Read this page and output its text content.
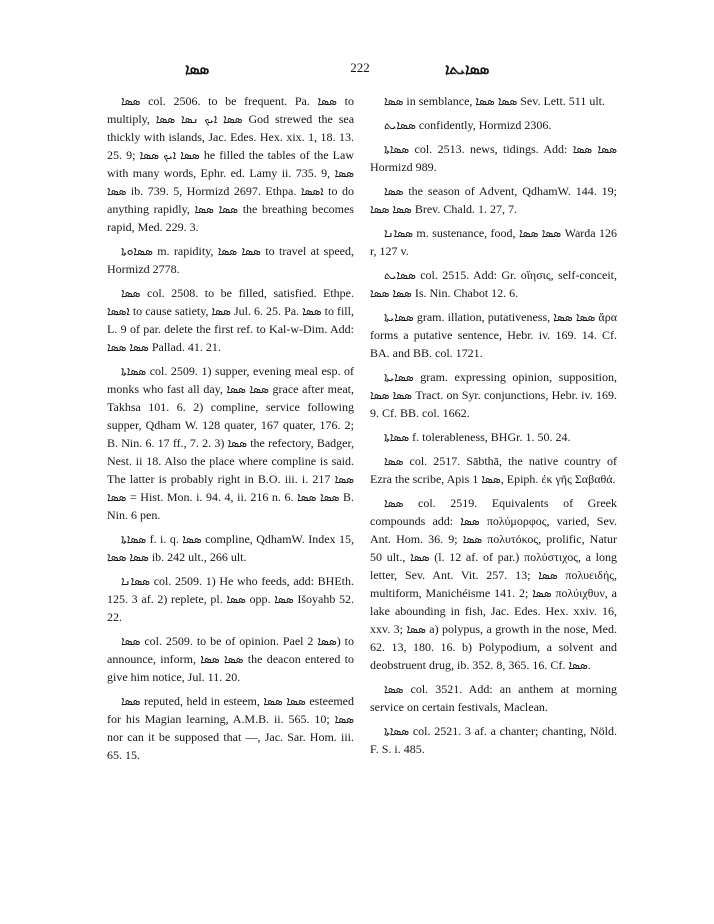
ܣܣܐ	222	ܣܣܐܝܬܐ

ܣܣܐ col. 2506. to be frequent. Pa. ܣܣܐ to multiply, ܣܣܐ ܐܝܟ ܢܣܐ ܣܣܐ God strewed the sea thickly with islands, Jac. Edes. Hex. xix. 1, 18. 13. 25. 9; ܣܣܐ ܐܝܟ ܣܣܐ he filled the tables of the Law with many words, Ephr. ed. Lamy ii. 735. 9, ܣܣܐ ܣܣܐ ib. 739. 5, Hormizd 2697. Ethpa. ܐܣܣܐ to do anything rapidly, ܣܣܐ ܣܣܐ the breathing becomes rapid, Med. 229. 3.

ܣܣܐܘܬܐ m. rapidity, ܣܣܐ ܣܣܐ to travel at speed, Hormizd 2778.

ܣܣܐ col. 2508. to be filled, satisfied. Ethpe. ܐܣܣܐ to cause satiety, ܣܣܐ Jul. 6. 25. Pa. ܣܣܐ to fill, L. 9 of par. delete the first ref. to Kal-w-Dim. Add: ܣܣܐ ܣܣܐ Pallad. 41. 21.

ܣܣܐܬܐ col. 2509. 1) supper, evening meal esp. of monks who fast all day, ܣܣܐ ܣܣܐ grace after meat, Takhsa 101. 6. 2) compline, service following supper, Qdham W. 128 quater, 167 quater, 176. 2; B. Nin. 6. 17 ff., 7. 2. 3) ܣܣܐ the refectory, Badger, Nest. ii 18. Also the place where compline is said. The latter is probably right in B.O. iii. i. 217 ܣܣܐ ܣܣܐ = Hist. Mon. i. 94. 4, ii. 216 n. 6. ܣܣܐ ܣܣܐ B. Nin. 6 pen.

ܣܣܐܬܐ f. i. q. ܣܣܐ compline, QdhamW. Index 15, ܣܣܐ ܣܣܐ ib. 242 ult., 266 ult.

ܣܣܐܢܐ col. 2509. 1) He who feeds, add: BHEth. 125. 3 af. 2) replete, pl. ܣܣܐ opp. ܣܣܐ Išoyahb 52. 22.

ܣܣܐ col. 2509. to be of opinion. Pael ܣܣܐ 2) to announce, inform, ܣܣܐ ܣܣܐ the deacon entered to give him notice, Jul. 11. 20.

ܣܣܐ reputed, held in esteem, ܣܣܐ ܣܣܐ esteemed for his Magian learning, A.M.B. ii. 565. 10; ܣܣܐ nor can it be supposed that —, Jac. Sar. Hom. iii. 65. 15.

ܣܣܐ in semblance, ܣܣܐ ܣܣܐ Sev. Lett. 511 ult.

ܣܣܐܝܬ confidently, Hormizd 2306.

ܣܣܐܬܐ col. 2513. news, tidings. Add: ܣܣܐ ܣܣܐ Hormizd 989.

ܣܣܐ the season of Advent, QdhamW. 144. 19; ܣܣܐ ܣܣܐ Brev. Chald. 1. 27, 7.

ܣܣܐܢܐ m. sustenance, food, ܣܣܐ ܣܣܐ Warda 126 r, 127 v.

ܣܣܐܝܬ col. 2515. Add: Gr. οἴησις, self-conceit, ܣܣܐ ܣܣܐ Is. Nin. Chabot 12. 6.

ܣܣܐܝܬܐ gram. illation, putativeness, ܣܣܐ ܣܣܐ ἄρα forms a putative sentence, Hebr. iv. 169. 14. Cf. BA. and BB. col. 1721.

ܣܣܐܝܬܐ gram. expressing opinion, supposition, ܣܣܐ ܣܣܐ Tract. on Syr. conjunctions, Hebr. iv. 169. 9. Cf. BB. col. 1662.

ܣܣܐܬܐ f. tolerableness, BHGr. 1. 50. 24.

ܣܣܐ col. 2517. Sābthā, the native country of Ezra the scribe, Apis ܣܣܐ 1, Epiph. ἐκ γῆς Σαβαθά.

ܣܣܐ col. 2519. Equivalents of Greek compounds add: ܣܣܐ πολύμορφος, varied, Sev. Ant. Hom. 36. 9; ܣܣܐ πολυτόκος, prolific, Natur 50 ult., ܣܣܐ (l. 12 af. of par.) πολύστιχος, a long letter, Sev. Ant. Vit. 257. 13; ܣܣܐ πολυειδής, multiform, Manichéisme 141. 2; ܣܣܐ πολύιχθυν, a lake abounding in fish, Jac. Edes. Hex. xxiv. 16, xxv. 3; ܣܣܐ a) polypus, a growth in the nose, Med. 62. 13, 180. 16. b) Polypodium, a solvent and deobstruent drug, ib. 352. 8, 365. 16. Cf. ܣܣܐ.

ܣܣܐ col. 3521. Add: an anthem at morning service on certain festivals, Maclean.

ܣܣܐܬܐ col. 2521. 3 af. a chanter; chanting, Nöld. F. S. i. 485.
